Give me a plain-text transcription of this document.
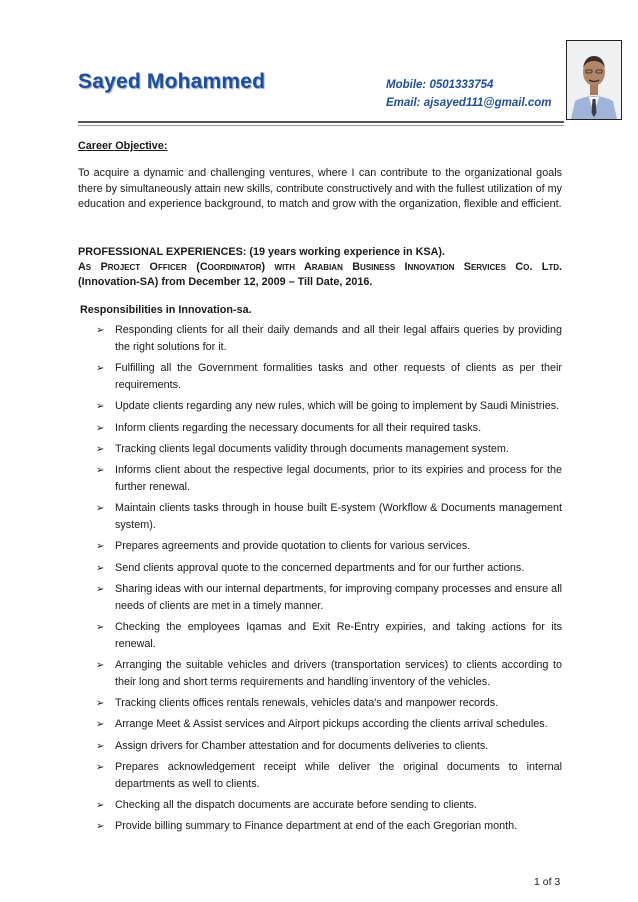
Sayed Mohammed	Mobile: 0501333754
Email: ajsayed111@gmail.com
Career Objective:
To acquire a dynamic and challenging ventures, where I can contribute to the organizational goals there by simultaneously attain new skills, contribute constructively and with the fullest utilization of my education and experience background, to match and grow with the organization, flexible and efficient.
PROFESSIONAL EXPERIENCES: (19 years working experience in KSA).
As Project Officer (Coordinator) with Arabian Business Innovation Services Co. Ltd.
(Innovation-SA) from December 12, 2009 – Till Date, 2016.
Responsibilities in Innovation-sa.
➢ Responding clients for all their daily demands and all their legal affairs queries by providing the right solutions for it.
➢ Fulfilling all the Government formalities tasks and other requests of clients as per their requirements.
➢ Update clients regarding any new rules, which will be going to implement by Saudi Ministries.
➢ Inform clients regarding the necessary documents for all their required tasks.
➢ Tracking clients legal documents validity through documents management system.
➢ Informs client about the respective legal documents, prior to its expiries and process for the further renewal.
➢ Maintain clients tasks through in house built E-system (Workflow & Documents management system).
➢ Prepares agreements and provide quotation to clients for various services.
➢ Send clients approval quote to the concerned departments and for our further actions.
➢ Sharing ideas with our internal departments, for improving company processes and ensure all needs of clients are met in a timely manner.
➢ Checking the employees Iqamas and Exit Re-Entry expiries, and taking actions for its renewal.
➢ Arranging the suitable vehicles and drivers (transportation services) to clients according to their long and short terms requirements and handling inventory of the vehicles.
➢ Tracking clients offices rentals renewals, vehicles data's and manpower records.
➢ Arrange Meet & Assist services and Airport pickups according the clients arrival schedules.
➢ Assign drivers for Chamber attestation and for documents deliveries to clients.
➢ Prepares acknowledgement receipt while deliver the original documents to internal departments as well to clients.
➢ Checking all the dispatch documents are accurate before sending to clients.
➢ Provide billing summary to Finance department at end of the each Gregorian month.
1 of 3
